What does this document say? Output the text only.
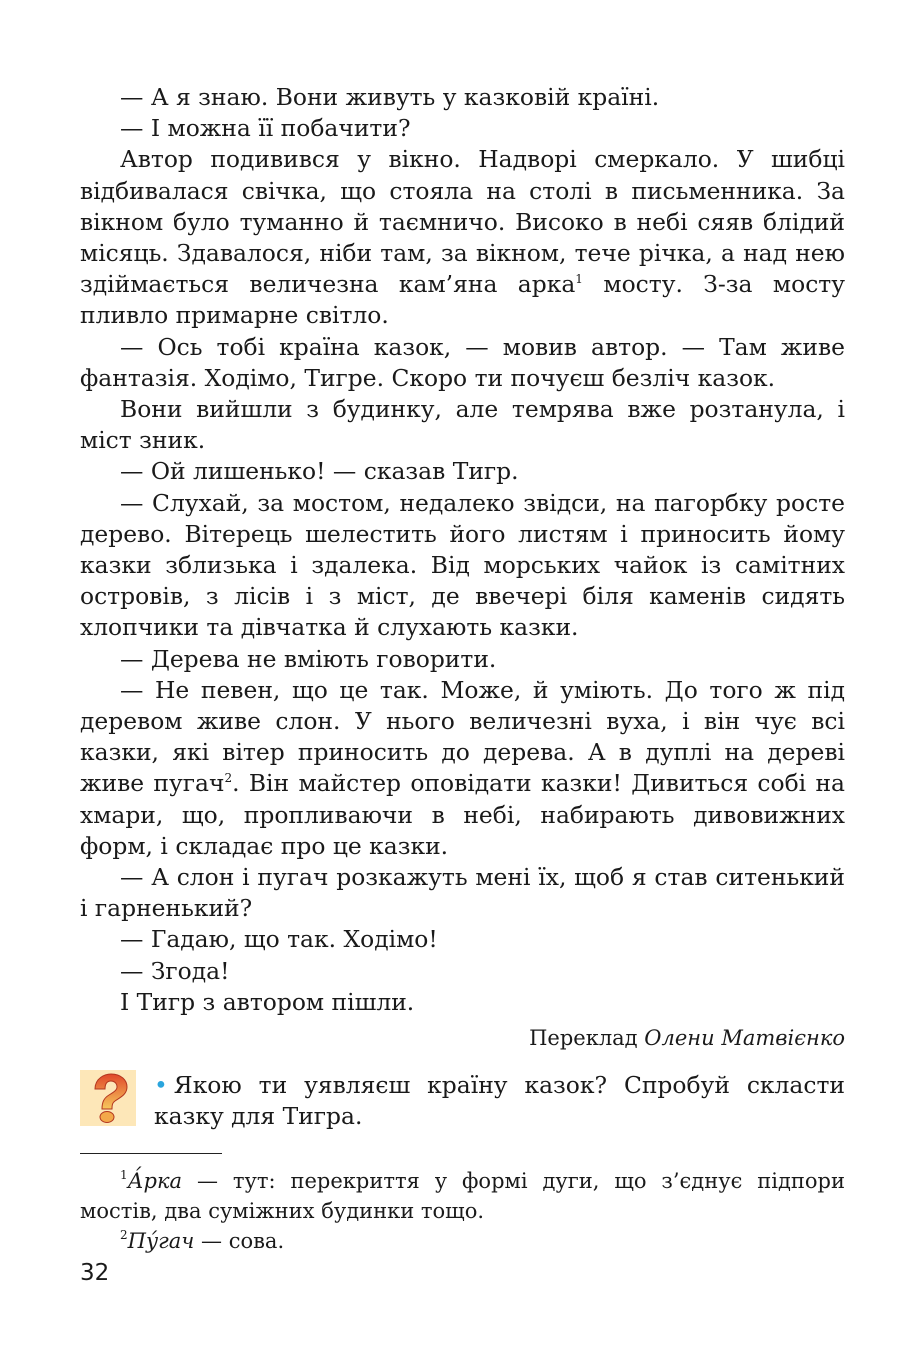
— А я знаю. Вони живуть у казковій країні.

— І можна її побачити?

Автор подивився у вікно. Надворі смеркало. У шибці відбивалася свічка, що стояла на столі в письменника. За вікном було туманно й таємничо. Високо в небі сяяв блідий місяць. Здавалося, ніби там, за вікном, тече річка, а над нею здіймається величезна кам’яна арка$^1$ мосту. З-за мосту пливло примарне світло.

— Ось тобі країна казок, — мовив автор. — Там живе фантазія. Ходімо, Тигре. Скоро ти почуєш безліч казок.

Вони вийшли з будинку, але темрява вже розтанула, і міст зник.

— Ой лишенько! — сказав Тигр.

— Слухай, за мостом, недалеко звідси, на пагорбку росте дерево. Вітерець шелестить його листям і приносить йому казки зблизька і здалека. Від морських чайок із самітних островів, з лісів і з міст, де ввечері біля каменів сидять хлопчики та дівчатка й слухають казки.

— Дерева не вміють говорити.

— Не певен, що це так. Може, й уміють. До того ж під деревом живе слон. У нього величезні вуха, і він чує всі казки, які вітер приносить до дерева. А в дуплі на дереві живе пугач$^2$. Він майстер оповідати казки! Дивиться собі на хмари, що, пропливаючи в небі, набирають дивовижних форм, і складає про це казки.

— А слон і пугач розкажуть мені їх, щоб я став ситенький і гарненький?

— Гадаю, що так. Ходімо!

— Згода!

І Тигр з автором пішли.

Переклад Олени Матвієнко
• Якою ти уявляєш країну казок? Спробуй скласти казку для Тигра.

$^1$А́рка — тут: перекриття у формі дуги, що з’єднує підпори мостів, два суміжних будинки тощо.

$^2$Пу́гач — сова.

32
